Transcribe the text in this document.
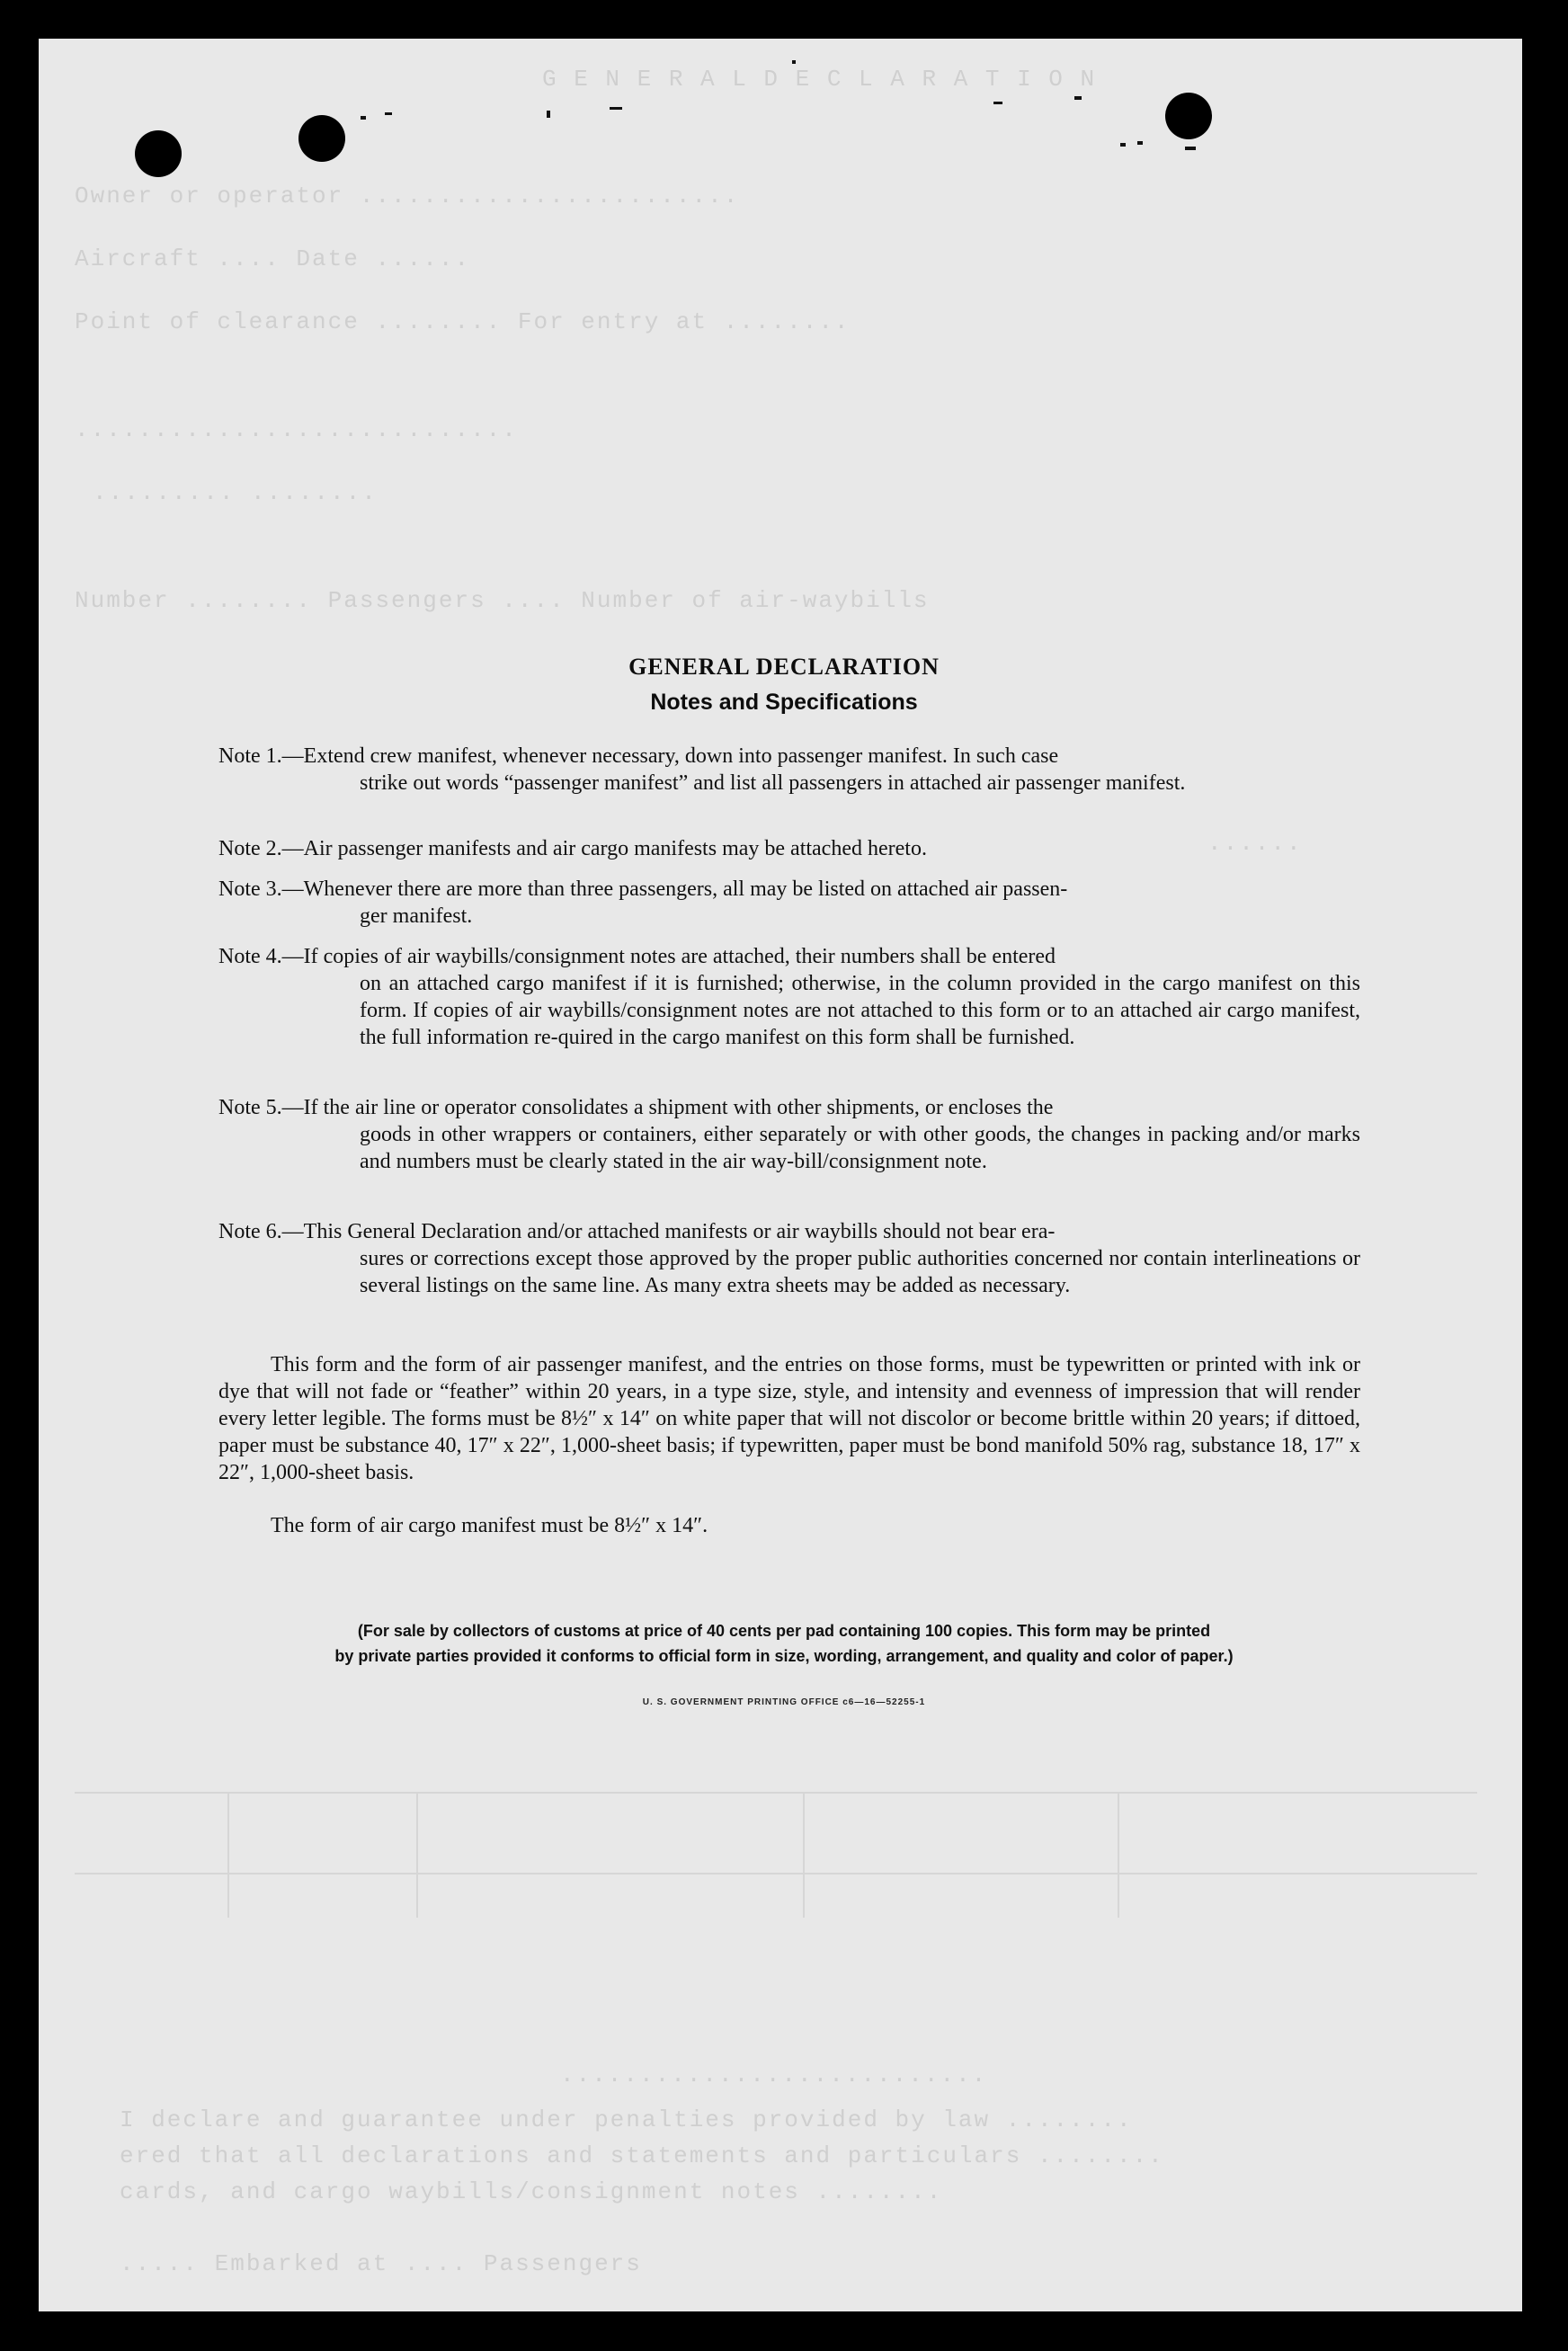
G E N E R A L D E C L A R A T I O N
Owner or operator ........................
Aircraft .... Date ......
Point of clearance ........ For entry at ........
............................
......... ........
Number ........ Passengers .... Number of air-waybills
......
...........................
I declare and guarantee under penalties provided by law ........
ered that all declarations and statements and particulars ........
cards, and cargo waybills/consignment notes ........
..... Embarked at .... Passengers
GENERAL DECLARATION
Notes and Specifications
Note 1.—Extend crew manifest, whenever necessary, down into passenger manifest. In such case
strike out words “passenger manifest” and list all passengers in attached air passenger manifest.
Note 2.—Air passenger manifests and air cargo manifests may be attached hereto.
Note 3.—Whenever there are more than three passengers, all may be listed on attached air passen-
ger manifest.
Note 4.—If copies of air waybills/consignment notes are attached, their numbers shall be entered
on an attached cargo manifest if it is furnished; otherwise, in the column provided in the cargo manifest on this form. If copies of air waybills/consignment notes are not attached to this form or to an attached air cargo manifest, the full information re-quired in the cargo manifest on this form shall be furnished.
Note 5.—If the air line or operator consolidates a shipment with other shipments, or encloses the
goods in other wrappers or containers, either separately or with other goods, the changes in packing and/or marks and numbers must be clearly stated in the air way-bill/consignment note.
Note 6.—This General Declaration and/or attached manifests or air waybills should not bear era-
sures or corrections except those approved by the proper public authorities concerned nor contain interlineations or several listings on the same line. As many extra sheets may be added as necessary.
This form and the form of air passenger manifest, and the entries on those forms, must be typewritten or printed with ink or dye that will not fade or “feather” within 20 years, in a type size, style, and intensity and evenness of impression that will render every letter legible. The forms must be 8½″ x 14″ on white paper that will not discolor or become brittle within 20 years; if dittoed, paper must be substance 40, 17″ x 22″, 1,000-sheet basis; if typewritten, paper must be bond manifold 50% rag, substance 18, 17″ x 22″, 1,000-sheet basis.
The form of air cargo manifest must be 8½″ x 14″.
(For sale by collectors of customs at price of 40 cents per pad containing 100 copies. This form may be printed
by private parties provided it conforms to official form in size, wording, arrangement, and quality and color of paper.)
U. S. GOVERNMENT PRINTING OFFICE c6—16—52255-1
